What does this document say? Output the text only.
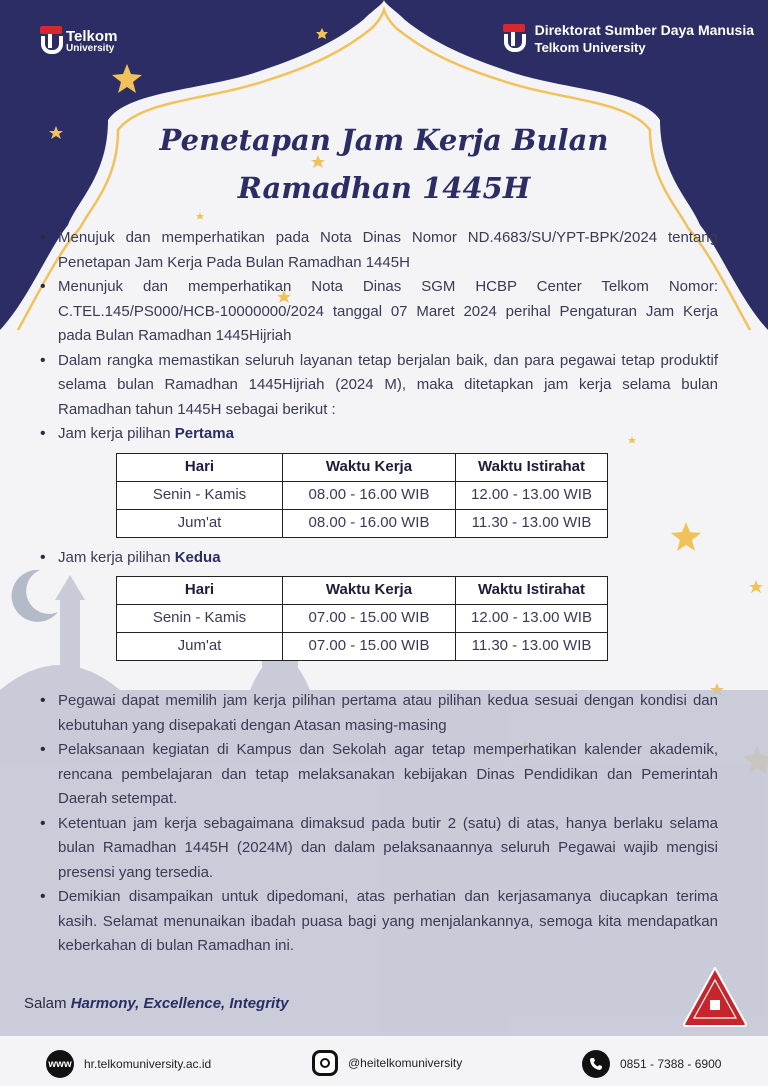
Telkom
University
Direktorat Sumber Daya Manusia
Telkom University
Penetapan Jam Kerja Bulan
Ramadhan 1445H
• Menujuk dan memperhatikan pada Nota Dinas Nomor ND.4683/SU/YPT-BPK/2024 tentang Penetapan Jam Kerja Pada Bulan Ramadhan 1445H
• Menunjuk dan memperhatikan Nota Dinas SGM HCBP Center Telkom Nomor: C.TEL.145/PS000/HCB-10000000/2024 tanggal 07 Maret 2024 perihal Pengaturan Jam Kerja pada Bulan Ramadhan 1445Hijriah
• Dalam rangka memastikan seluruh layanan tetap berjalan baik, dan para pegawai tetap produktif selama bulan Ramadhan 1445Hijriah (2024 M), maka ditetapkan jam kerja selama bulan Ramadhan tahun 1445H sebagai berikut :
• Jam kerja pilihan Pertama
Hari	Waktu Kerja	Waktu Istirahat
Senin - Kamis	08.00 - 16.00 WIB	12.00 - 13.00 WIB
Jum'at	08.00 - 16.00 WIB	11.30 - 13.00 WIB
• Jam kerja pilihan Kedua
Hari	Waktu Kerja	Waktu Istirahat
Senin - Kamis	07.00 - 15.00 WIB	12.00 - 13.00 WIB
Jum'at	07.00 - 15.00 WIB	11.30 - 13.00 WIB
• Pegawai dapat memilih jam kerja pilihan pertama atau pilihan kedua sesuai dengan kondisi dan kebutuhan yang disepakati dengan Atasan masing-masing
• Pelaksanaan kegiatan di Kampus dan Sekolah agar tetap memperhatikan kalender akademik, rencana pembelajaran dan tetap melaksanakan kebijakan Dinas Pendidikan dan Pemerintah Daerah setempat.
• Ketentuan jam kerja sebagaimana dimaksud pada butir 2 (satu) di atas, hanya berlaku selama bulan Ramadhan 1445H (2024M) dan dalam pelaksanaannya seluruh Pegawai wajib mengisi presensi yang tersedia.
• Demikian disampaikan untuk dipedomani, atas perhatian dan kerjasamanya diucapkan terima kasih. Selamat menunaikan ibadah puasa bagi yang menjalankannya, semoga kita mendapatkan keberkahan di bulan Ramadhan ini.
Salam Harmony, Excellence, Integrity
www hr.telkomuniversity.ac.id	@heitelkomuniversity	0851 - 7388 - 6900
